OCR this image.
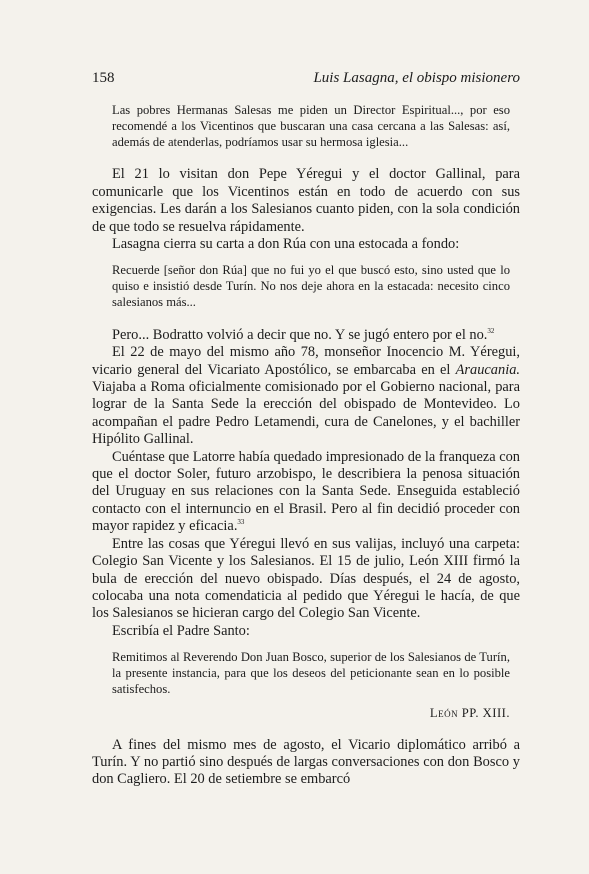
158	Luis Lasagna, el obispo misionero

Las pobres Hermanas Salesas me piden un Director Espiritual..., por eso recomendé a los Vicentinos que buscaran una casa cercana a las Salesas: así, además de atenderlas, podríamos usar su hermosa iglesia...

El 21 lo visitan don Pepe Yéregui y el doctor Gallinal, para comunicarle que los Vicentinos están en todo de acuerdo con sus exigencias. Les darán a los Salesianos cuanto piden, con la sola condición de que todo se resuelva rápidamente.

Lasagna cierra su carta a don Rúa con una estocada a fondo:

Recuerde [señor don Rúa] que no fui yo el que buscó esto, sino usted que lo quiso e insistió desde Turín. No nos deje ahora en la estacada: necesito cinco salesianos más...

Pero... Bodratto volvió a decir que no. Y se jugó entero por el no.$^{32}$

El 22 de mayo del mismo año 78, monseñor Inocencio M. Yéregui, vicario general del Vicariato Apostólico, se embarcaba en el Araucania. Viajaba a Roma oficialmente comisionado por el Gobierno nacional, para lograr de la Santa Sede la erección del obispado de Montevideo. Lo acompañan el padre Pedro Letamendi, cura de Canelones, y el bachiller Hipólito Gallinal.

Cuéntase que Latorre había quedado impresionado de la franqueza con que el doctor Soler, futuro arzobispo, le describiera la penosa situación del Uruguay en sus relaciones con la Santa Sede. Enseguida estableció contacto con el internuncio en el Brasil. Pero al fin decidió proceder con mayor rapidez y eficacia.$^{33}$

Entre las cosas que Yéregui llevó en sus valijas, incluyó una carpeta: Colegio San Vicente y los Salesianos. El 15 de julio, León XIII firmó la bula de erección del nuevo obispado. Días después, el 24 de agosto, colocaba una nota comendaticia al pedido que Yéregui le hacía, de que los Salesianos se hicieran cargo del Colegio San Vicente.

Escribía el Padre Santo:

Remitimos al Reverendo Don Juan Bosco, superior de los Salesianos de Turín, la presente instancia, para que los deseos del peticionante sean en lo posible satisfechos.

León PP. XIII.

A fines del mismo mes de agosto, el Vicario diplomático arribó a Turín. Y no partió sino después de largas conversaciones con don Bosco y don Cagliero. El 20 de setiembre se embarcó
